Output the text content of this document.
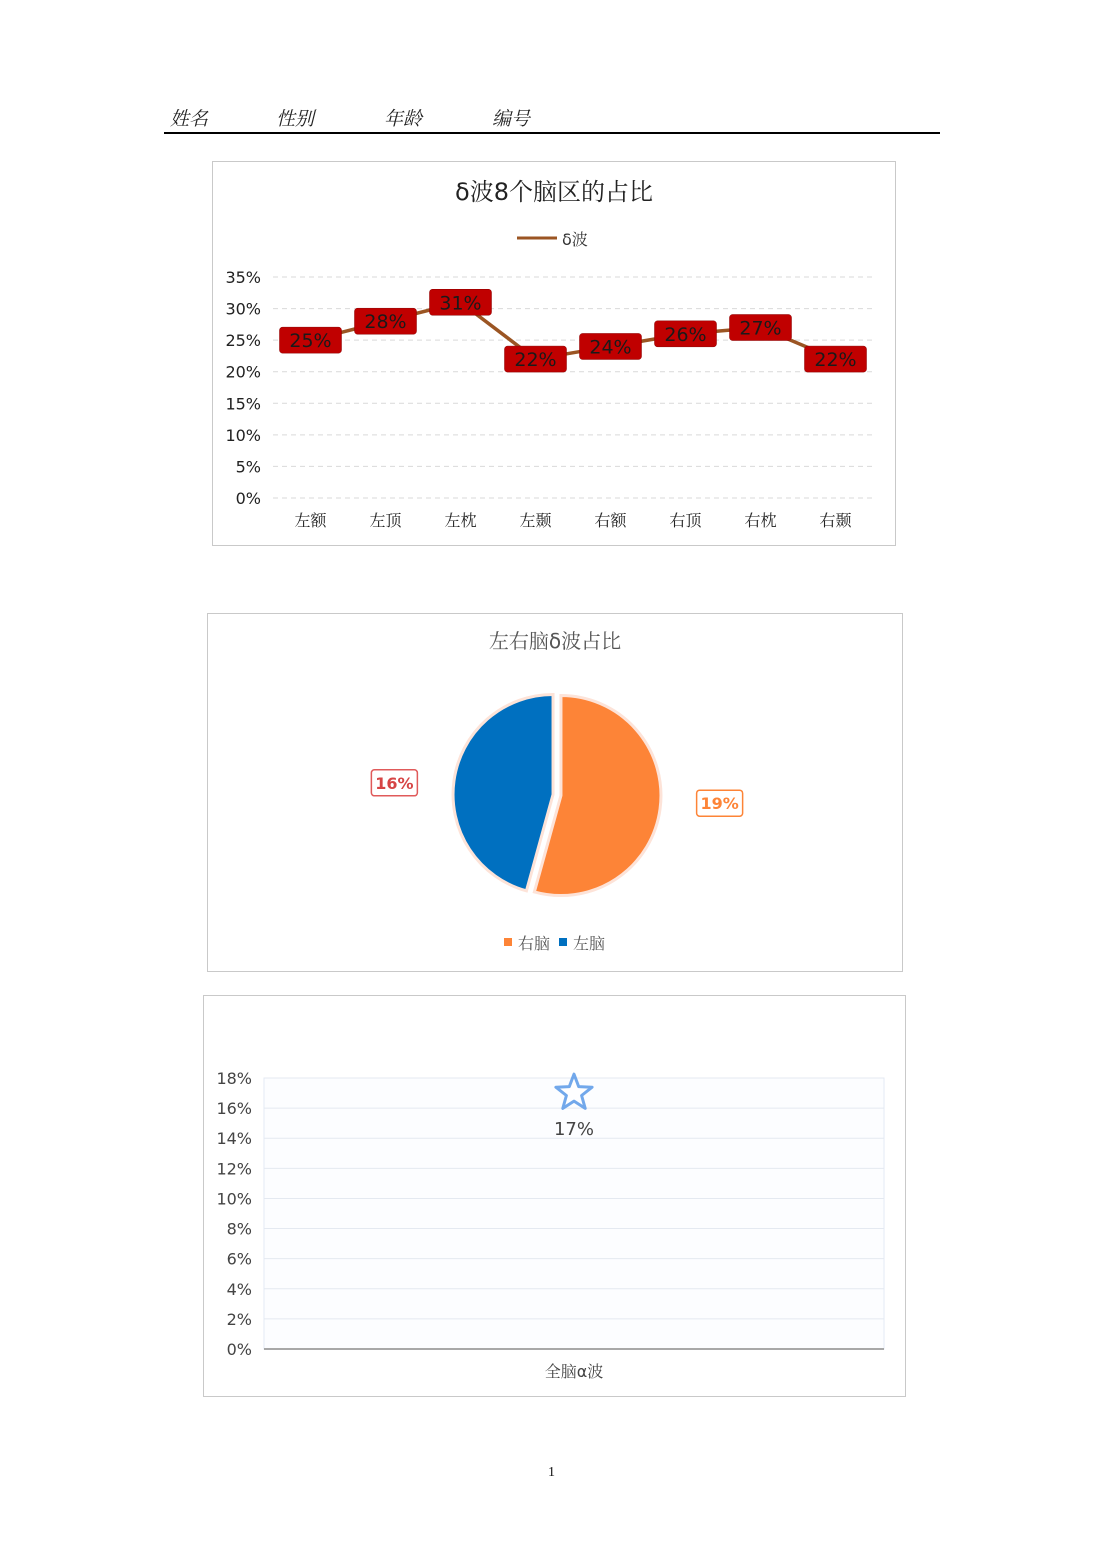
姓名	性别	年龄	编号
δ波8个脑区的占比
δ波
0%
5%
10%
15%
20%
25%
30%
35%
左额	左顶	左枕	左颞	右额	右顶	右枕	右颞
25%
28%
31%
22%
24%
26% 27%
22%
左右脑δ波占比
19%
16%
右脑 左脑
0%
2%
4%
6%
8%
10%
12%
14%
16%
18%
全脑α波
17%
1
